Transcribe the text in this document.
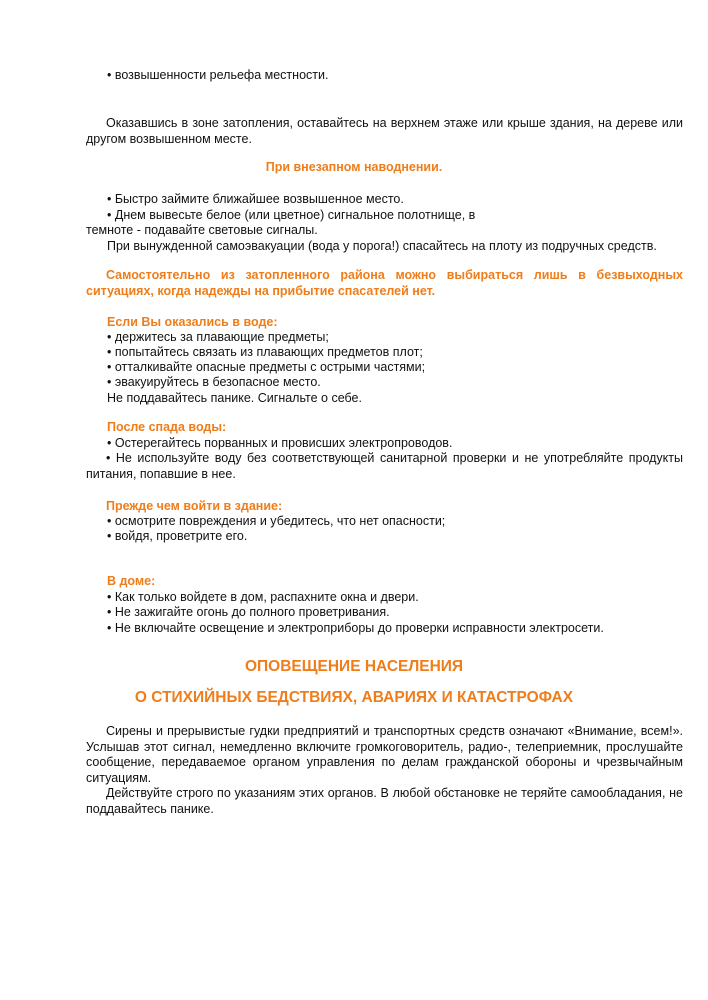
• возвышенности рельефа местности.
Оказавшись в зоне затопления, оставайтесь на верхнем этаже или крыше здания, на дереве или другом возвышенном месте.
При внезапном наводнении.
• Быстро займите ближайшее возвышенное место.
• Днем вывесьте белое (или цветное) сигнальное полотнище, в
темноте - подавайте световые сигналы.
При вынужденной самоэвакуации (вода у порога!) спасайтесь на плоту из подручных средств.
Самостоятельно из затопленного района можно выбираться лишь в безвыходных ситуациях, когда надежды на прибытие спасателей нет.
Если Вы оказались в воде:
• держитесь за плавающие предметы;
• попытайтесь связать из плавающих предметов плот;
• отталкивайте опасные предметы с острыми частями;
• эвакуируйтесь в безопасное место.
Не поддавайтесь панике. Сигнальте о себе.
После спада воды:
• Остерегайтесь порванных и провисших электропроводов.
• Не используйте воду без соответствующей санитарной проверки и не употребляйте продукты питания, попавшие в нее.
Прежде чем войти в здание:
• осмотрите повреждения и убедитесь, что нет опасности;
• войдя, проветрите его.
В доме:
• Как только войдете в дом, распахните окна и двери.
• Не зажигайте огонь до полного проветривания.
• Не включайте освещение и электроприборы до проверки исправности электросети.
ОПОВЕЩЕНИЕ НАСЕЛЕНИЯ
О СТИХИЙНЫХ БЕДСТВИЯХ, АВАРИЯХ И КАТАСТРОФАХ
Сирены и прерывистые гудки предприятий и транспортных средств означают «Внимание, всем!». Услышав этот сигнал, немедленно включите громкоговоритель, радио-, телеприемник, прослушайте сообщение, передаваемое органом управления по делам гражданской обороны и чрезвычайным ситуациям.
Действуйте строго по указаниям этих органов. В любой обстановке не теряйте самообладания, не поддавайтесь панике.
